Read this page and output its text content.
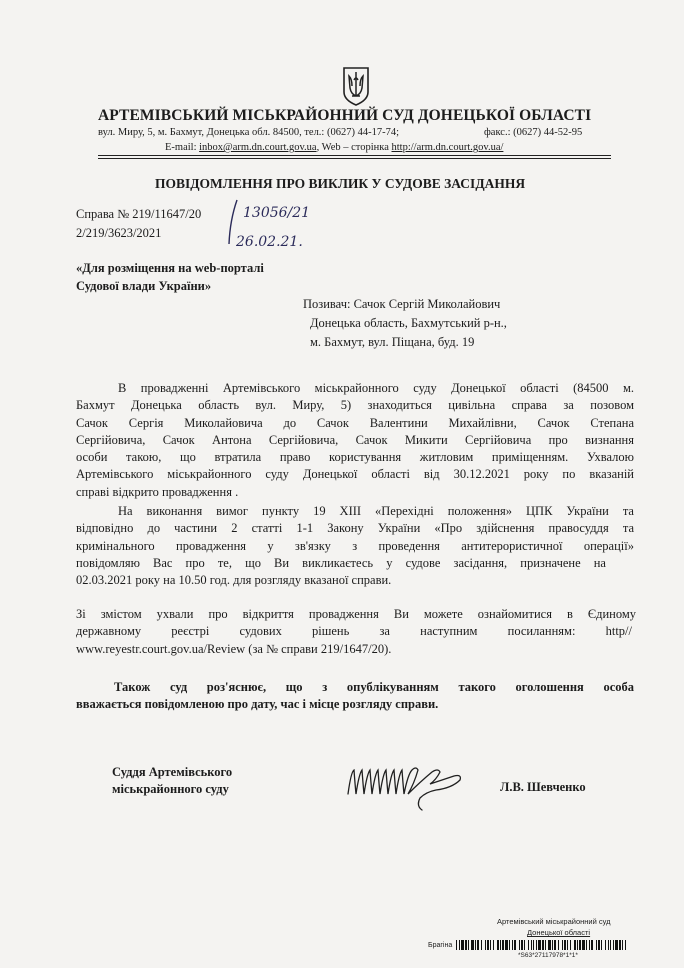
АРТЕМІВСЬКИЙ МІСЬКРАЙОННИЙ СУД ДОНЕЦЬКОЇ ОБЛАСТІ
вул. Миру, 5, м. Бахмут, Донецька обл. 84500, тел.: (0627) 44-17-74;	факс.: (0627) 44-52-95
E-mail: inbox@arm.dn.court.gov.ua, Web – сторінка http://arm.dn.court.gov.ua/
ПОВІДОМЛЕННЯ ПРО ВИКЛИК У СУДОВЕ ЗАСІДАННЯ
Справа № 219/11647/20
2/219/3623/2021
13056/21
26.02.21.
«Для розміщення на web-порталі
Судової влади України»
Позивач: Сачок Сергій Миколайович
Донецька область, Бахмутський р-н.,
м. Бахмут, вул. Піщана, буд. 19
В провадженні Артемівського міськрайонного суду Донецької області (84500 м.
Бахмут Донецька область вул. Миру, 5) знаходиться цивільна справа за позовом
Сачок Сергія Миколайовича до Сачок Валентини Михайлівни, Сачок Степана
Сергійовича, Сачок Антона Сергійовича, Сачок Микити Сергійовича про визнання
особи такою, що втратила право користування житловим приміщенням. Ухвалою
Артемівського міськрайонного суду Донецької області від 30.12.2021 року по вказаній
справі відкрито провадження .
На виконання вимог пункту 19 ХІІІ «Перехідні положення» ЦПК України та
відповідно до частини 2 статті 1-1 Закону України «Про здійснення правосуддя та
кримінального провадження у зв'язку з проведення антитерористичної операції»
повідомляю Вас про те, що Ви викликаєтесь у судове засідання, призначене на
02.03.2021 року на 10.50 год. для розгляду вказаної справи.
Зі змістом ухвали про відкриття провадження Ви можете ознайомитися в Єдиному
державному реєстрі судових рішень за наступним посиланням: http//
www.reyestr.court.gov.ua/Review (за № справи 219/1647/20).
Також суд роз'яснює, що з опублікуванням такого оголошення особа
вважається повідомленою про дату, час і місце розгляду справи.
Суддя Артемівського
міськрайонного суду	Л.В. Шевченко
Артемівський міськрайонний суд
Донецької області
Брагіна
*S63*27117978*1*1*
